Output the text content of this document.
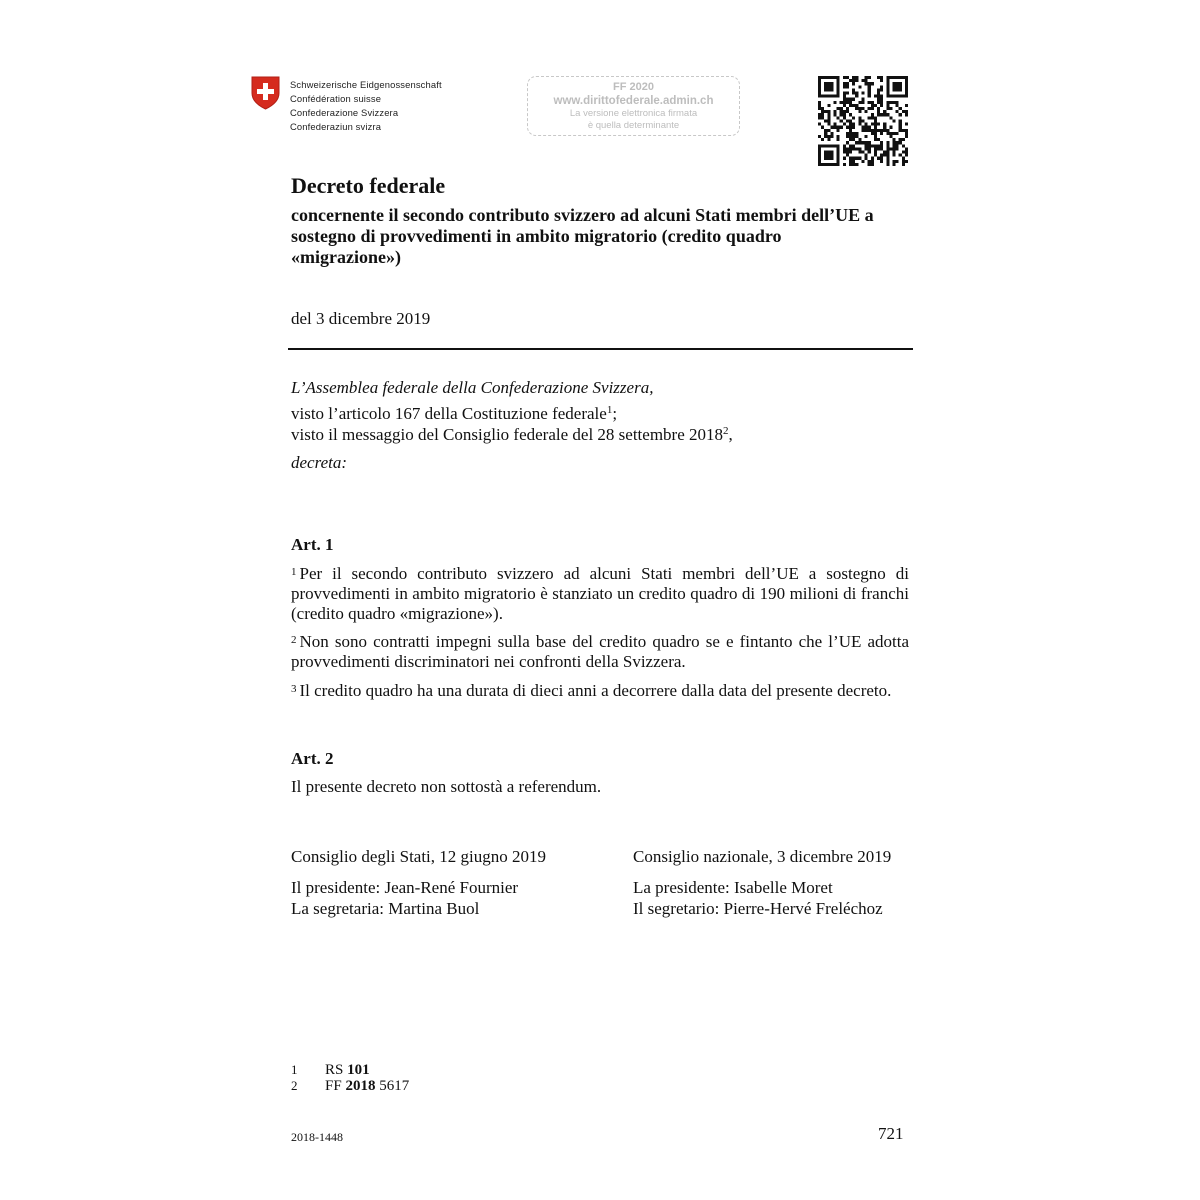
Schweizerische Eidgenossenschaft
Confédération suisse
Confederazione Svizzera
Confederaziun svizra
FF 2020
www.dirittofederale.admin.ch
La versione elettronica firmata
è quella determinante
Decreto federale
concernente il secondo contributo svizzero ad alcuni Stati membri dell’UE a sostegno di provvedimenti in ambito migratorio (credito quadro «migrazione»)
del 3 dicembre 2019
L’Assemblea federale della Confederazione Svizzera,
visto l’articolo 167 della Costituzione federale$^1$;
visto il messaggio del Consiglio federale del 28 settembre 2018$^2$,
decreta:
Art. 1
$^1$ Per il secondo contributo svizzero ad alcuni Stati membri dell’UE a sostegno di provvedimenti in ambito migratorio è stanziato un credito quadro di 190 milioni di franchi (credito quadro «migrazione»).
$^2$ Non sono contratti impegni sulla base del credito quadro se e fintanto che l’UE adotta provvedimenti discriminatori nei confronti della Svizzera.
$^3$ Il credito quadro ha una durata di dieci anni a decorrere dalla data del presente decreto.
Art. 2
Il presente decreto non sottostà a referendum.
Consiglio degli Stati, 12 giugno 2019
Il presidente: Jean-René Fournier
La segretaria: Martina Buol
Consiglio nazionale, 3 dicembre 2019
La presidente: Isabelle Moret
Il segretario: Pierre-Hervé Freléchoz
1 RS 101
2 FF 2018 5617
2018-1448	721
